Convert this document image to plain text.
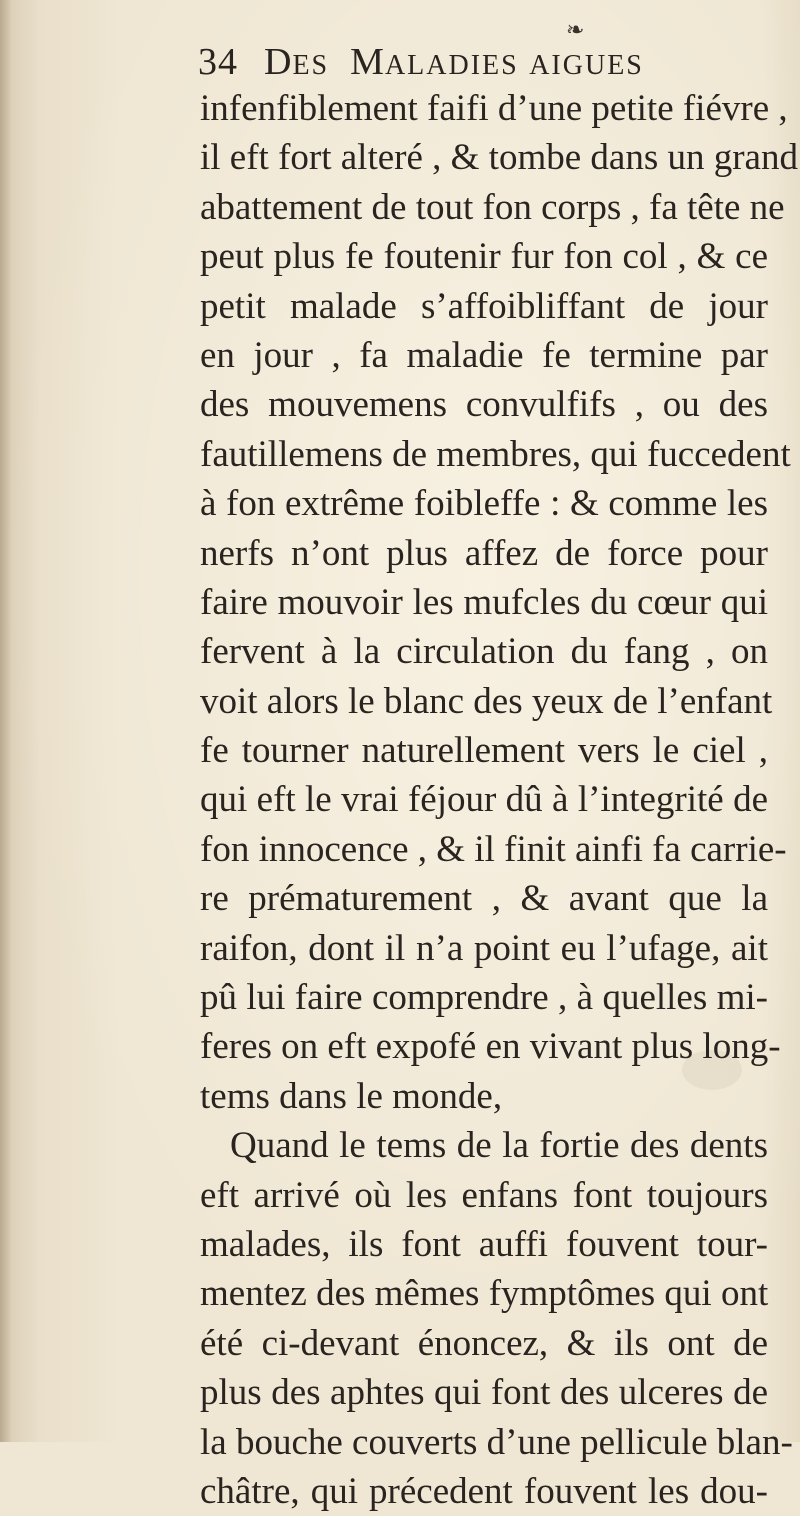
❧
34 DES MALADIES AIGUES
infenfiblement faifi d’une petite fiévre ,
il eft fort alteré , & tombe dans un grand
abattement de tout fon corps , fa tête ne
peut plus fe foutenir fur fon col , & ce
petit malade s’affoibliffant de jour
en jour , fa maladie fe termine par
des mouvemens convulfifs , ou des
fautillemens de membres, qui fuccedent
à fon extrême foibleffe : & comme les
nerfs n’ont plus affez de force pour
faire mouvoir les mufcles du cœur qui
fervent à la circulation du fang , on
voit alors le blanc des yeux de l’enfant
fe tourner naturellement vers le ciel ,
qui eft le vrai féjour dû à l’integrité de
fon innocence , & il finit ainfi fa carrie-
re prématurement , & avant que la
raifon, dont il n’a point eu l’ufage, ait
pû lui faire comprendre , à quelles mi-
feres on eft expofé en vivant plus long-
tems dans le monde,
Quand le tems de la fortie des dents
eft arrivé où les enfans font toujours
malades, ils font auffi fouvent tour-
mentez des mêmes fymptômes qui ont
été ci-devant énoncez, & ils ont de
plus des aphtes qui font des ulceres de
la bouche couverts d’une pellicule blan-
châtre, qui précedent fouvent les dou-
